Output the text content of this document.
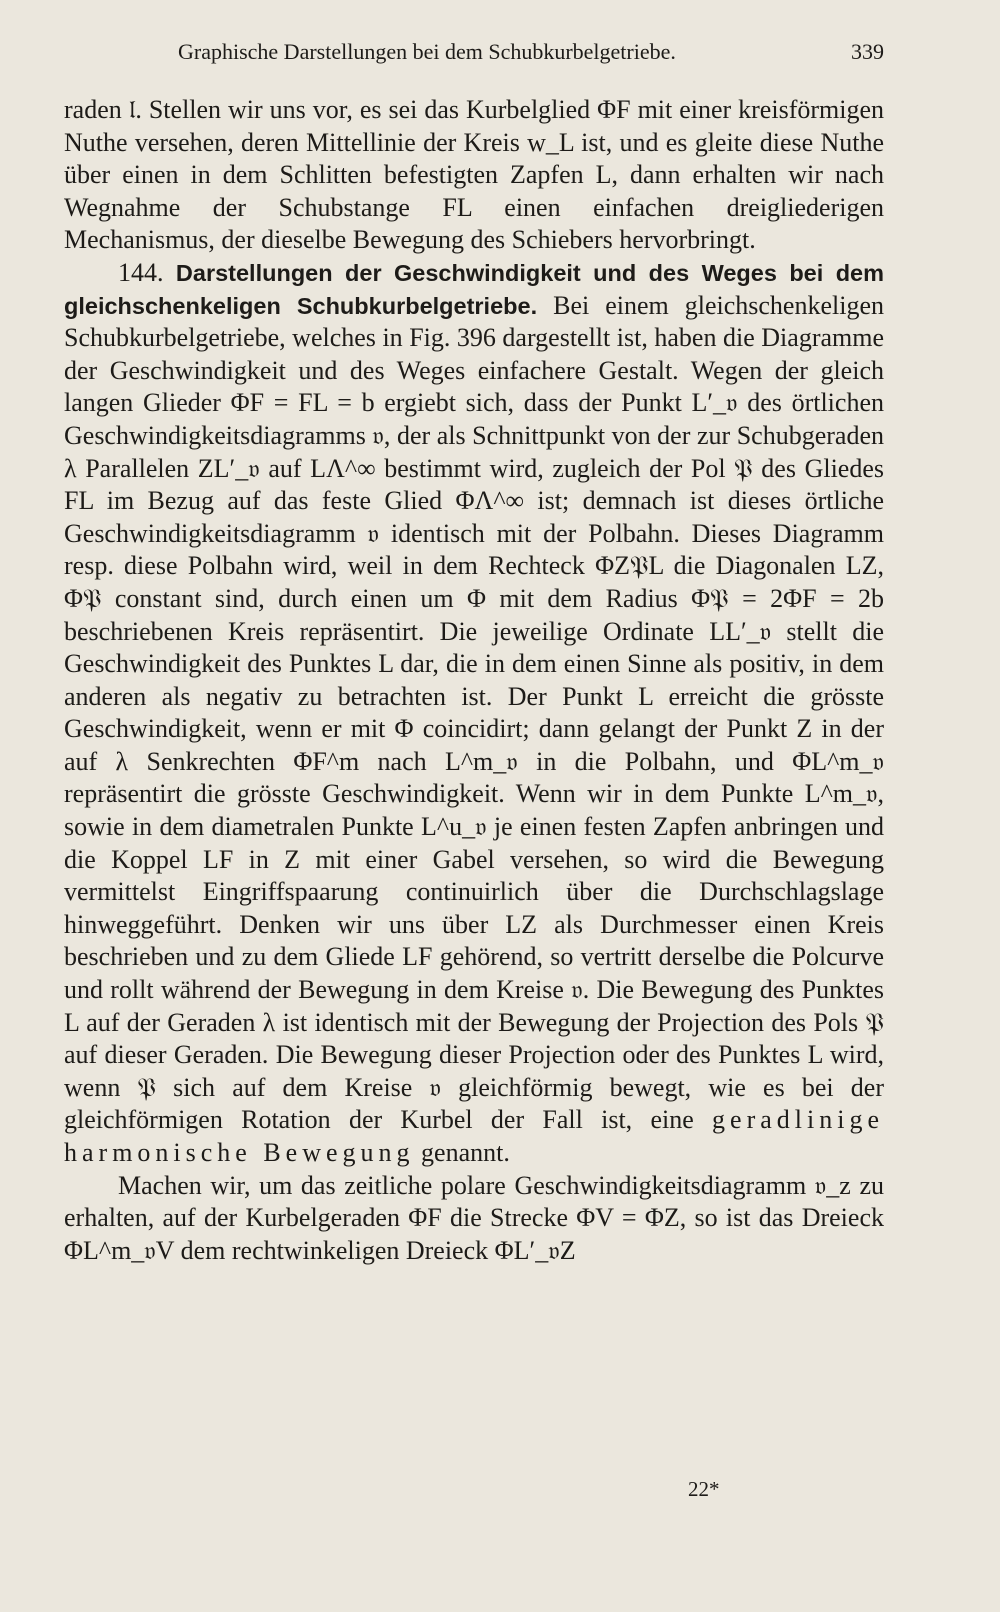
Graphische Darstellungen bei dem Schubkurbelgetriebe.	339

raden 𝔩. Stellen wir uns vor, es sei das Kurbelglied ΦF mit einer kreisförmigen Nuthe versehen, deren Mittellinie der Kreis w_L ist, und es gleite diese Nuthe über einen in dem Schlitten befestigten Zapfen L, dann erhalten wir nach Wegnahme der Schubstange FL einen einfachen dreigliederigen Mechanismus, der dieselbe Bewegung des Schiebers hervorbringt.

144. Darstellungen der Geschwindigkeit und des Weges bei dem gleichschenkeligen Schubkurbelgetriebe. Bei einem gleichschenkeligen Schubkurbelgetriebe, welches in Fig. 396 dargestellt ist, haben die Diagramme der Geschwindigkeit und des Weges einfachere Gestalt. Wegen der gleich langen Glieder ΦF = FL = b ergiebt sich, dass der Punkt L′_𝔳 des örtlichen Geschwindigkeitsdiagramms 𝔳, der als Schnittpunkt von der zur Schubgeraden λ Parallelen ZL′_𝔳 auf LΛ^∞ bestimmt wird, zugleich der Pol 𝔓 des Gliedes FL im Bezug auf das feste Glied ΦΛ^∞ ist; demnach ist dieses örtliche Geschwindigkeitsdiagramm 𝔳 identisch mit der Polbahn. Dieses Diagramm resp. diese Polbahn wird, weil in dem Rechteck ΦZ𝔓L die Diagonalen LZ, Φ𝔓 constant sind, durch einen um Φ mit dem Radius Φ𝔓 = 2ΦF = 2b beschriebenen Kreis repräsentirt. Die jeweilige Ordinate LL′_𝔳 stellt die Geschwindigkeit des Punktes L dar, die in dem einen Sinne als positiv, in dem anderen als negativ zu betrachten ist. Der Punkt L erreicht die grösste Geschwindigkeit, wenn er mit Φ coincidirt; dann gelangt der Punkt Z in der auf λ Senkrechten ΦF^m nach L^m_𝔳 in die Polbahn, und ΦL^m_𝔳 repräsentirt die grösste Geschwindigkeit. Wenn wir in dem Punkte L^m_𝔳, sowie in dem diametralen Punkte L^u_𝔳 je einen festen Zapfen anbringen und die Koppel LF in Z mit einer Gabel versehen, so wird die Bewegung vermittelst Eingriffspaarung continuirlich über die Durchschlagslage hinweggeführt. Denken wir uns über LZ als Durchmesser einen Kreis beschrieben und zu dem Gliede LF gehörend, so vertritt derselbe die Polcurve und rollt während der Bewegung in dem Kreise 𝔳. Die Bewegung des Punktes L auf der Geraden λ ist identisch mit der Bewegung der Projection des Pols 𝔓 auf dieser Geraden. Die Bewegung dieser Projection oder des Punktes L wird, wenn 𝔓 sich auf dem Kreise 𝔳 gleichförmig bewegt, wie es bei der gleichförmigen Rotation der Kurbel der Fall ist, eine geradlinige harmonische Bewegung genannt.

Machen wir, um das zeitliche polare Geschwindigkeitsdiagramm 𝔳_z zu erhalten, auf der Kurbelgeraden ΦF die Strecke ΦV = ΦZ, so ist das Dreieck ΦL^m_𝔳V dem rechtwinkeligen Dreieck ΦL′_𝔳Z

22*
